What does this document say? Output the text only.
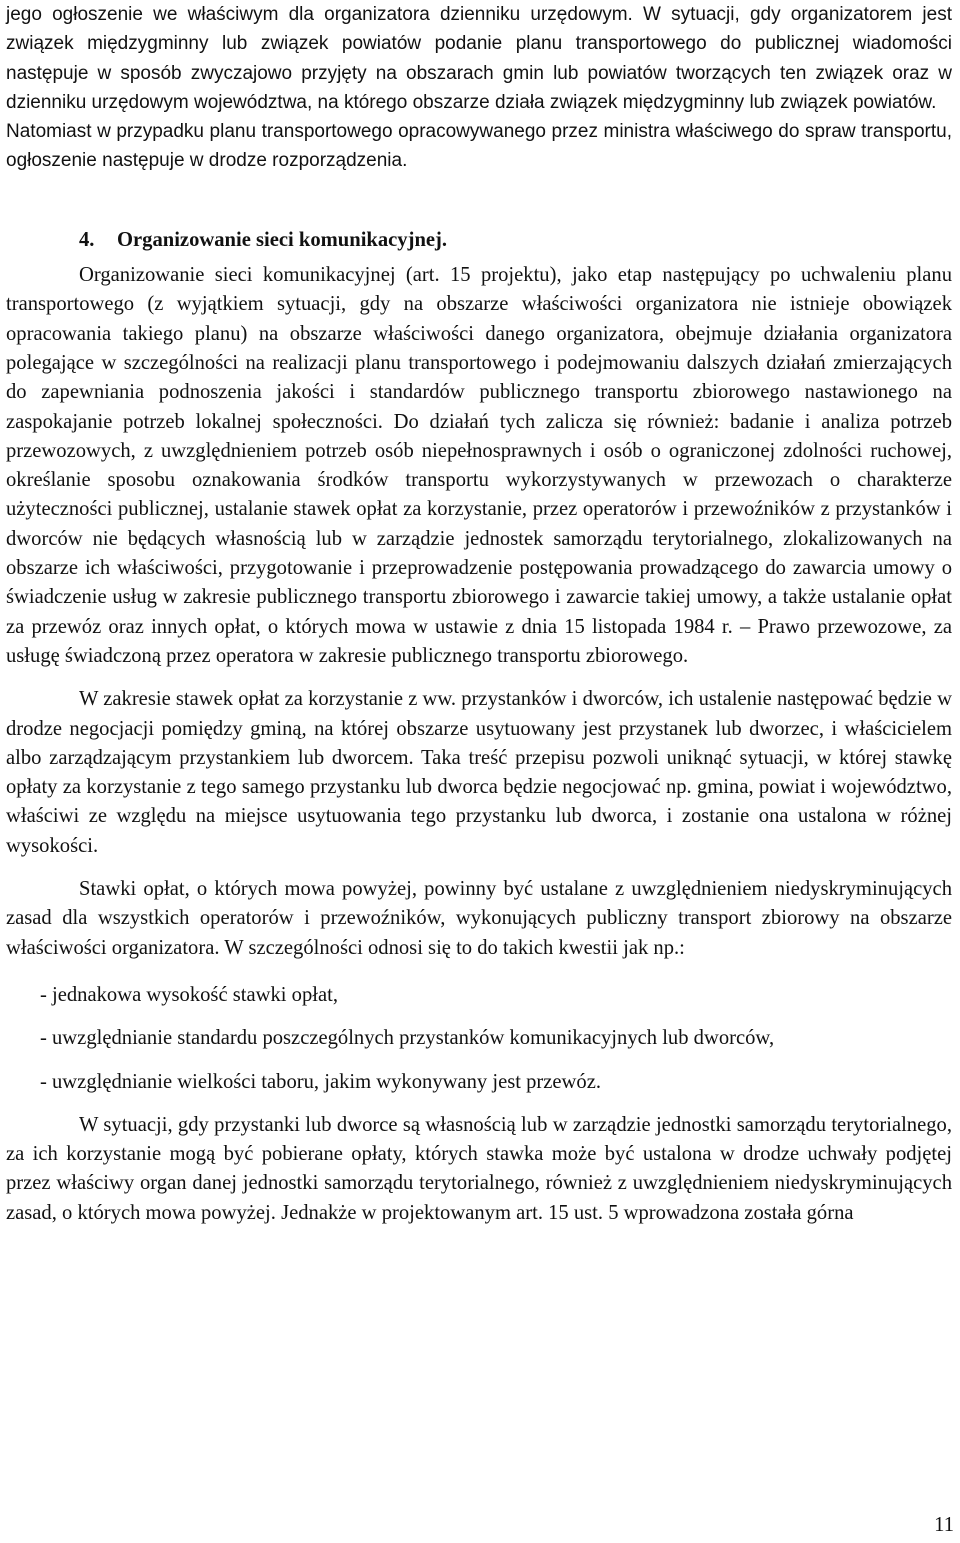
jego ogłoszenie we właściwym dla organizatora dzienniku urzędowym. W sytuacji, gdy organizatorem jest związek międzygminny lub związek powiatów podanie planu transportowego do publicznej wiadomości następuje w sposób zwyczajowo przyjęty na obszarach gmin lub powiatów tworzących ten związek oraz w dzienniku urzędowym województwa, na którego obszarze działa związek międzygminny lub związek powiatów.

Natomiast w przypadku planu transportowego opracowywanego przez ministra właściwego do spraw transportu, ogłoszenie następuje w drodze rozporządzenia.

4. Organizowanie sieci komunikacyjnej.

Organizowanie sieci komunikacyjnej (art. 15 projektu), jako etap następujący po uchwaleniu planu transportowego (z wyjątkiem sytuacji, gdy na obszarze właściwości organizatora nie istnieje obowiązek opracowania takiego planu) na obszarze właściwości danego organizatora, obejmuje działania organizatora polegające w szczególności na realizacji planu transportowego i podejmowaniu dalszych działań zmierzających do zapewniania podnoszenia jakości i standardów publicznego transportu zbiorowego nastawionego na zaspokajanie potrzeb lokalnej społeczności. Do działań tych zalicza się również: badanie i analiza potrzeb przewozowych, z uwzględnieniem potrzeb osób niepełnosprawnych i osób o ograniczonej zdolności ruchowej, określanie sposobu oznakowania środków transportu wykorzystywanych w przewozach o charakterze użyteczności publicznej, ustalanie stawek opłat za korzystanie, przez operatorów i przewoźników z przystanków i dworców nie będących własnością lub w zarządzie jednostek samorządu terytorialnego, zlokalizowanych na obszarze ich właściwości, przygotowanie i przeprowadzenie postępowania prowadzącego do zawarcia umowy o świadczenie usług w zakresie publicznego transportu zbiorowego i zawarcie takiej umowy, a także ustalanie opłat za przewóz oraz innych opłat, o których mowa w ustawie z dnia 15 listopada 1984 r. – Prawo przewozowe, za usługę świadczoną przez operatora w zakresie publicznego transportu zbiorowego.

W zakresie stawek opłat za korzystanie z ww. przystanków i dworców, ich ustalenie następować będzie w drodze negocjacji pomiędzy gminą, na której obszarze usytuowany jest przystanek lub dworzec, i właścicielem albo zarządzającym przystankiem lub dworcem. Taka treść przepisu pozwoli uniknąć sytuacji, w której stawkę opłaty za korzystanie z tego samego przystanku lub dworca będzie negocjować np. gmina, powiat i województwo, właściwi ze względu na miejsce usytuowania tego przystanku lub dworca, i zostanie ona ustalona w różnej wysokości.

Stawki opłat, o których mowa powyżej, powinny być ustalane z uwzględnieniem niedyskryminujących zasad dla wszystkich operatorów i przewoźników, wykonujących publiczny transport zbiorowy na obszarze właściwości organizatora. W szczególności odnosi się to do takich kwestii jak np.:

- jednakowa wysokość stawki opłat,
- uwzględnianie standardu poszczególnych przystanków komunikacyjnych lub dworców,
- uwzględnianie wielkości taboru, jakim wykonywany jest przewóz.

W sytuacji, gdy przystanki lub dworce są własnością lub w zarządzie jednostki samorządu terytorialnego, za ich korzystanie mogą być pobierane opłaty, których stawka może być ustalona w drodze uchwały podjętej przez właściwy organ danej jednostki samorządu terytorialnego, również z uwzględnieniem niedyskryminujących zasad, o których mowa powyżej. Jednakże w projektowanym art. 15 ust. 5 wprowadzona została górna

11
